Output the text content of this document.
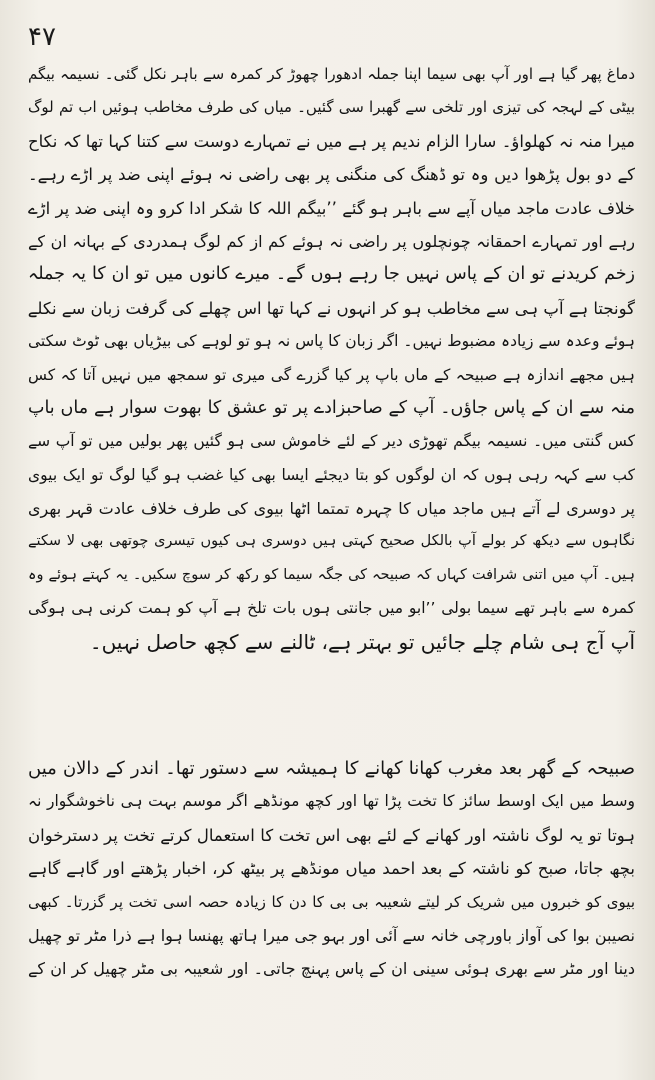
۴۷
دماغ پھر گیا ہے اور آپ بھی سیما اپنا جملہ ادھورا چھوڑ کر کمرہ سے باہر نکل گئی۔ نسیمہ بیگم
بیٹی کے لہجہ کی تیزی اور تلخی سے گھبرا سی گئیں۔ میاں کی طرف مخاطب ہوئیں اب تم لوگ
میرا منہ نہ کھلواؤ۔ سارا الزام ندیم پر ہے میں نے تمہارے دوست سے کتنا کہا تھا کہ نکاح
کے دو بول پڑھوا دیں وہ تو ڈھنگ کی منگنی پر بھی راضی نہ ہوئے اپنی ضد پر اڑے رہے۔
خلاف عادت ماجد میاں آپے سے باہر ہو گئے ’’بیگم اللہ کا شکر ادا کرو وہ اپنی ضد پر اڑے
رہے اور تمہارے احمقانہ چونچلوں پر راضی نہ ہوئے کم از کم لوگ ہمدردی کے بہانہ ان کے
زخم کریدنے تو ان کے پاس نہیں جا رہے ہوں گے۔ میرے کانوں میں تو ان کا یہ جملہ
گونجتا ہے آپ ہی سے مخاطب ہو کر انہوں نے کہا تھا اس چھلے کی گرفت زبان سے نکلے
ہوئے وعدہ سے زیادہ مضبوط نہیں۔ اگر زبان کا پاس نہ ہو تو لوہے کی بیڑیاں بھی ٹوٹ سکتی
ہیں مجھے اندازہ ہے صبیحہ کے ماں باپ پر کیا گزرے گی میری تو سمجھ میں نہیں آتا کہ کس
منہ سے ان کے پاس جاؤں۔ آپ کے صاحبزادے پر تو عشق کا بھوت سوار ہے ماں باپ
کس گنتی میں۔ نسیمہ بیگم تھوڑی دیر کے لئے خاموش سی ہو گئیں پھر بولیں میں تو آپ سے
کب سے کہہ رہی ہوں کہ ان لوگوں کو بتا دیجئے ایسا بھی کیا غضب ہو گیا لوگ تو ایک بیوی
پر دوسری لے آتے ہیں ماجد میاں کا چہرہ تمتما اٹھا بیوی کی طرف خلاف عادت قہر بھری
نگاہوں سے دیکھ کر بولے آپ بالکل صحیح کہتی ہیں دوسری ہی کیوں تیسری چوتھی بھی لا سکتے
ہیں۔ آپ میں اتنی شرافت کہاں کہ صبیحہ کی جگہ سیما کو رکھ کر سوچ سکیں۔ یہ کہتے ہوئے وہ
کمرہ سے باہر تھے سیما بولی ’’ابو میں جانتی ہوں بات تلخ ہے آپ کو ہمت کرنی ہی ہوگی
آپ آج ہی شام چلے جائیں تو بہتر ہے، ٹالنے سے کچھ حاصل نہیں۔
صبیحہ کے گھر بعد مغرب کھانا کھانے کا ہمیشہ سے دستور تھا۔ اندر کے دالان میں
وسط میں ایک اوسط سائز کا تخت پڑا تھا اور کچھ مونڈھے اگر موسم بہت ہی ناخوشگوار نہ
ہوتا تو یہ لوگ ناشتہ اور کھانے کے لئے بھی اس تخت کا استعمال کرتے تخت پر دسترخوان
بچھ جاتا، صبح کو ناشتہ کے بعد احمد میاں مونڈھے پر بیٹھ کر، اخبار پڑھتے اور گاہے گاہے
بیوی کو خبروں میں شریک کر لیتے شعیبہ بی بی کا دن کا زیادہ حصہ اسی تخت پر گزرتا۔ کبھی
نصیبن بوا کی آواز باورچی خانہ سے آئی اور بہو جی میرا ہاتھ پھنسا ہوا ہے ذرا مٹر تو چھیل
دینا اور مٹر سے بھری ہوئی سینی ان کے پاس پہنچ جاتی۔ اور شعیبہ بی مٹر چھیل کر ان کے
